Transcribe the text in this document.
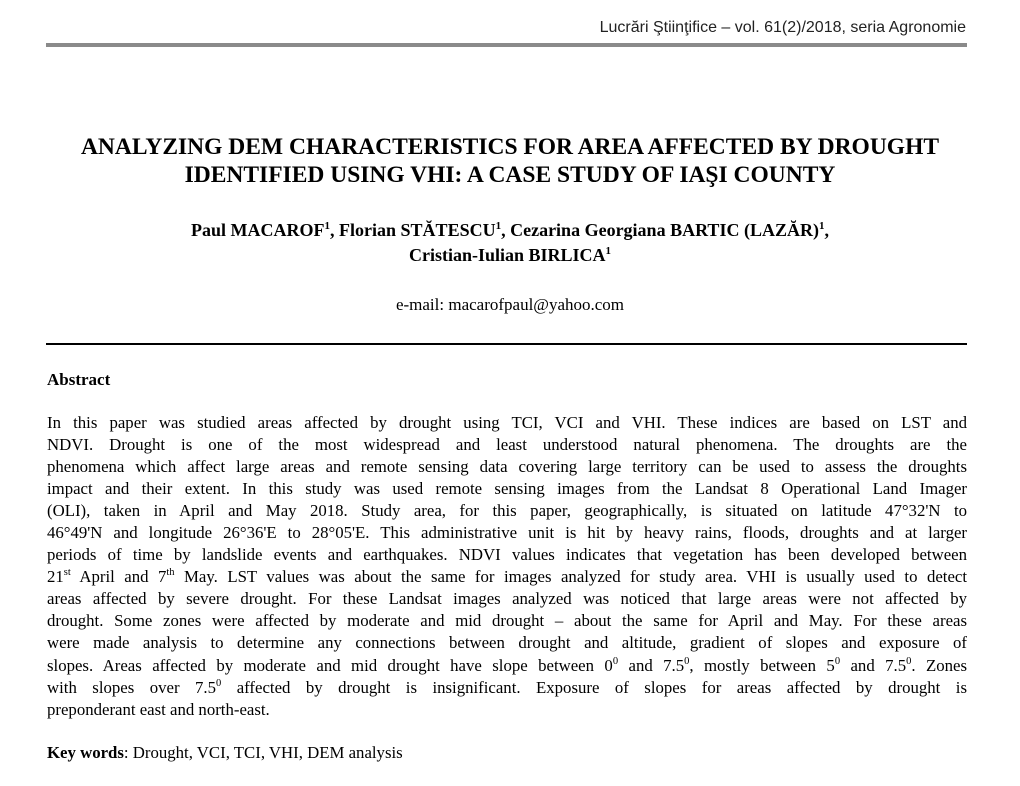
Lucrări Ştiinţifice – vol. 61(2)/2018, seria Agronomie
ANALYZING DEM CHARACTERISTICS FOR AREA AFFECTED BY DROUGHT
IDENTIFIED USING VHI: A CASE STUDY OF IAŞI COUNTY
Paul MACAROF$^1$, Florian STĂTESCU$^1$, Cezarina Georgiana BARTIC (LAZĂR)$^1$,
Cristian-Iulian BIRLICA$^1$
e-mail: macarofpaul@yahoo.com
Abstract
In this paper was studied areas affected by drought using TCI, VCI and VHI. These indices are based on LST and
NDVI. Drought is one of the most widespread and least understood natural phenomena. The droughts are the
phenomena which affect large areas and remote sensing data covering large territory can be used to assess the droughts
impact and their extent. In this study was used remote sensing images from the Landsat 8 Operational Land Imager
(OLI), taken in April and May 2018. Study area, for this paper, geographically, is situated on latitude 47°32'N to
46°49'N and longitude 26°36'E to 28°05'E. This administrative unit is hit by heavy rains, floods, droughts and at larger
periods of time by landslide events and earthquakes. NDVI values indicates that vegetation has been developed between
21st April and 7th May. LST values was about the same for images analyzed for study area. VHI is usually used to detect
areas affected by severe drought. For these Landsat images analyzed was noticed that large areas were not affected by
drought. Some zones were affected by moderate and mid drought – about the same for April and May. For these areas
were made analysis to determine any connections between drought and altitude, gradient of slopes and exposure of
slopes. Areas affected by moderate and mid drought have slope between $0^0$ and $7.5^0$, mostly between $5^0$ and $7.5^0$. Zones
with slopes over $7.5^0$ affected by drought is insignificant. Exposure of slopes for areas affected by drought is
preponderant east and north-east.
Key words: Drought, VCI, TCI, VHI, DEM analysis
